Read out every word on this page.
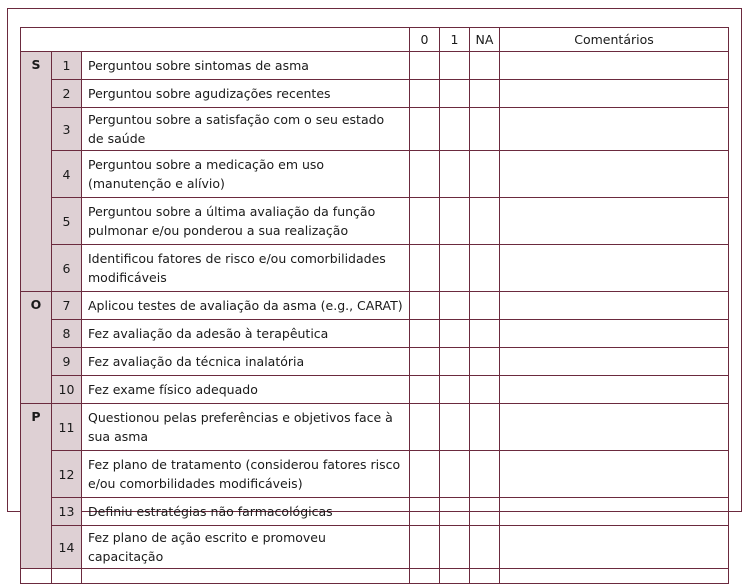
			0	1	NA	Comentários
S	1	Perguntou sobre sintomas de asma				
	2	Perguntou sobre agudizações recentes				
	3	Perguntou sobre a satisfação com o seu estado de saúde				
	4	Perguntou sobre a medicação em uso (manutenção e alívio)				
	5	Perguntou sobre a última avaliação da função pulmonar e/ou ponderou a sua realização				
	6	Identificou fatores de risco e/ou comorbilidades modificáveis				
O	7	Aplicou testes de avaliação da asma (e.g., CARAT)				
	8	Fez avaliação da adesão à terapêutica				
	9	Fez avaliação da técnica inalatória				
	10	Fez exame físico adequado				
P	11	Questionou pelas preferências e objetivos face à sua asma				
	12	Fez plano de tratamento (considerou fatores risco e/ou comorbilidades modificáveis)				
	13	Definiu estratégias não farmacológicas				
	14	Fez plano de ação escrito e promoveu capacitação				
